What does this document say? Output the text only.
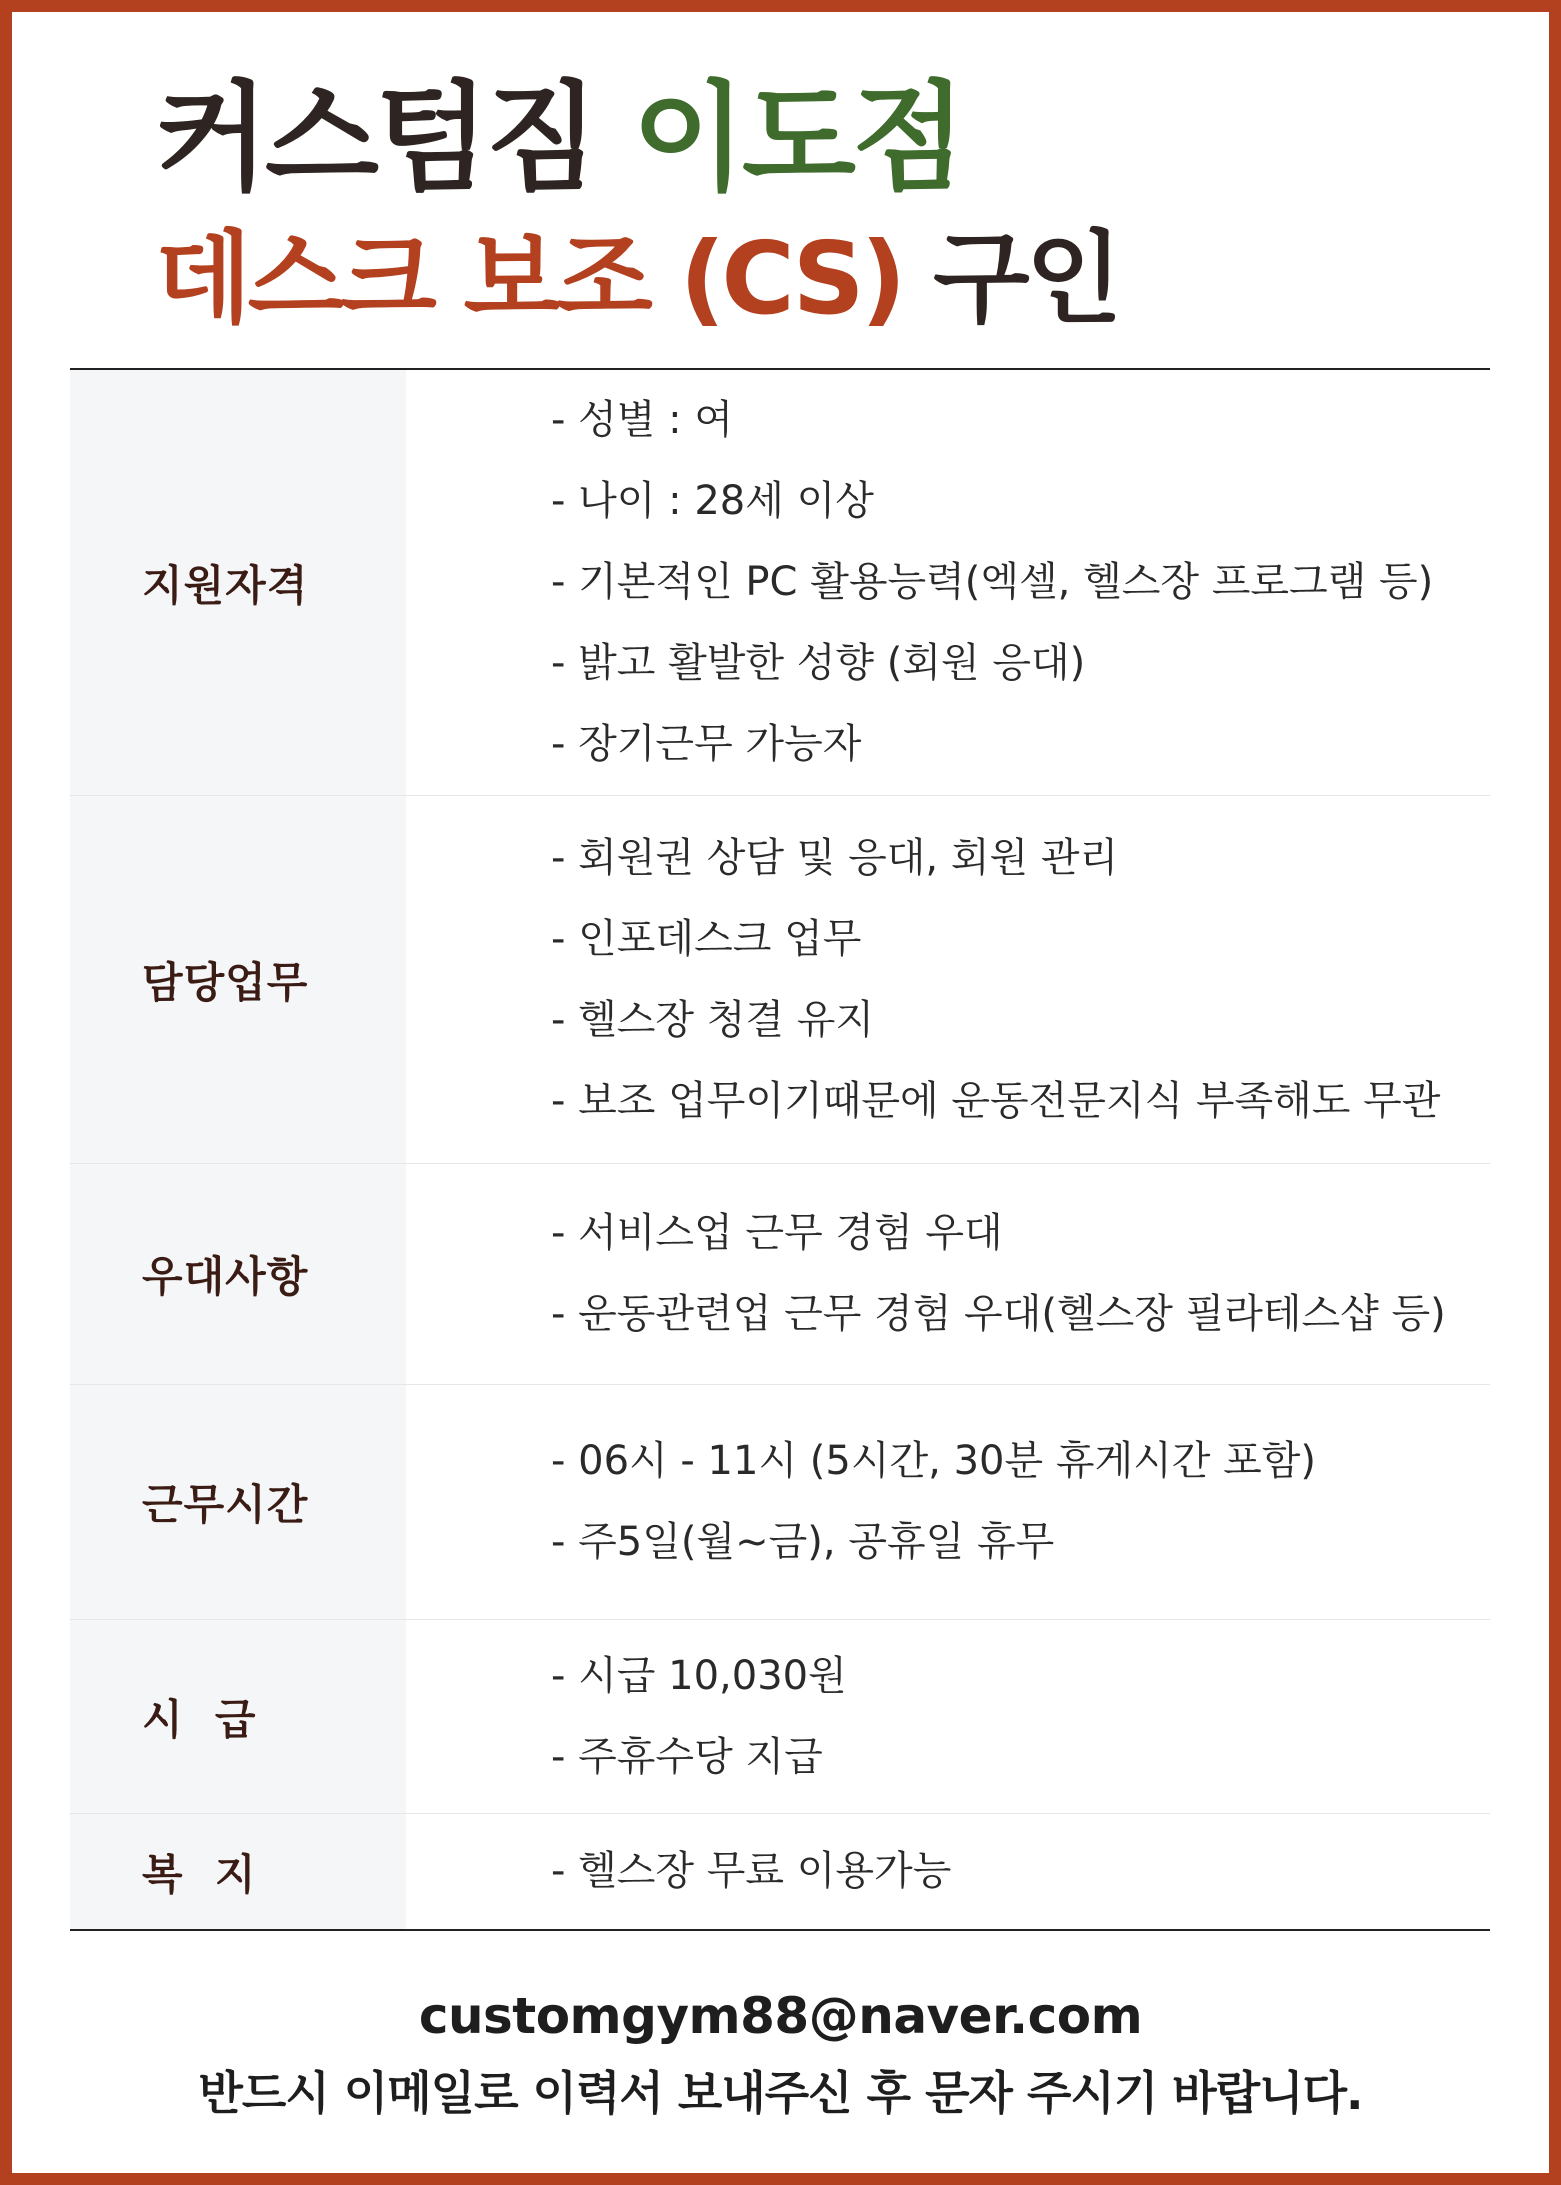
커스텀짐 이도점
데스크 보조 (CS) 구인
지원자격
- 성별 : 여
- 나이 : 28세 이상
- 기본적인 PC 활용능력(엑셀, 헬스장 프로그램 등)
- 밝고 활발한 성향 (회원 응대)
- 장기근무 가능자
담당업무
- 회원권 상담 및 응대, 회원 관리
- 인포데스크 업무
- 헬스장 청결 유지
- 보조 업무이기때문에 운동전문지식 부족해도 무관
우대사항
- 서비스업 근무 경험 우대
- 운동관련업 근무 경험 우대(헬스장 필라테스샵 등)
근무시간
- 06시 - 11시 (5시간, 30분 휴게시간 포함)
- 주5일(월~금), 공휴일 휴무
시  급
- 시급 10,030원
- 주휴수당 지급
복  지	- 헬스장 무료 이용가능
customgym88@naver.com
반드시 이메일로 이력서 보내주신 후 문자 주시기 바랍니다.
